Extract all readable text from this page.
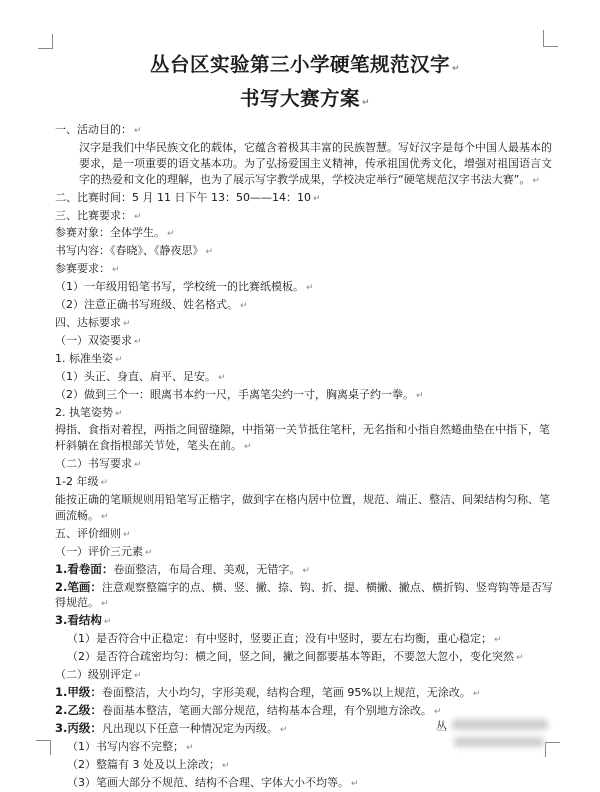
丛台区实验第三小学硬笔规范汉字 ↵
书写大赛方案 ↵

一、活动目的： ↵

汉字是我们中华民族文化的载体，它蕴含着极其丰富的民族智慧。写好汉字是每个中国人最基本的要求，是一项重要的语文基本功。为了弘扬爱国主义精神，传承祖国优秀文化，增强对祖国语言文字的热爱和文化的理解，也为了展示写字教学成果，学校决定举行“硬笔规范汉字书法大赛”。 ↵

二、比赛时间：5 月 11 日下午 13：50——14：10 ↵

三、比赛要求： ↵

参赛对象：全体学生。 ↵

书写内容：《春晓》、《静夜思》 ↵

参赛要求： ↵

（1）一年级用铅笔书写，学校统一的比赛纸模板。 ↵

（2）注意正确书写班级、姓名格式。 ↵

四、达标要求 ↵

（一）双姿要求 ↵

1. 标准坐姿 ↵

（1）头正、身直、肩平、足安。 ↵

（2）做到三个一：眼离书本约一尺，手离笔尖约一寸，胸离桌子约一拳。 ↵

2. 执笔姿势 ↵

拇指、食指对着捏，两指之间留缝隙，中指第一关节抵住笔杆，无名指和小指自然蜷曲垫在中指下，笔杆斜躺在食指根部关节处，笔头在前。 ↵

（二）书写要求 ↵

1-2 年级 ↵

能按正确的笔顺规则用铅笔写正楷字，做到字在格内居中位置，规范、端正、整洁、间架结构匀称、笔画流畅。 ↵

五、评价细则 ↵

（一）评价三元素 ↵

1.看卷面：卷面整洁，布局合理、美观，无错字。 ↵

2.笔画：注意观察整篇字的点、横、竖、撇、捺、钩、折、提、横撇、撇点、横折钩、竖弯钩等是否写得规范。 ↵

3.看结构 ↵

（1）是否符合中正稳定：有中竖时，竖要正直；没有中竖时，要左右均衡，重心稳定； ↵

（2）是否符合疏密均匀：横之间，竖之间，撇之间都要基本等距，不要忽大忽小，变化突然 ↵

（二）级别评定 ↵

1.甲级：卷面整洁，大小均匀，字形美观，结构合理，笔画 95%以上规范，无涂改。 ↵

2.乙级：卷面基本整洁，笔画大部分规范，结构基本合理，有个别地方涂改。 ↵

3.丙级：凡出现以下任意一种情况定为丙级。 ↵

（1）书写内容不完整； ↵

（2）整篇有 3 处及以上涂改； ↵

（3）笔画大部分不规范、结构不合理、字体大小不均等。 ↵

丛
